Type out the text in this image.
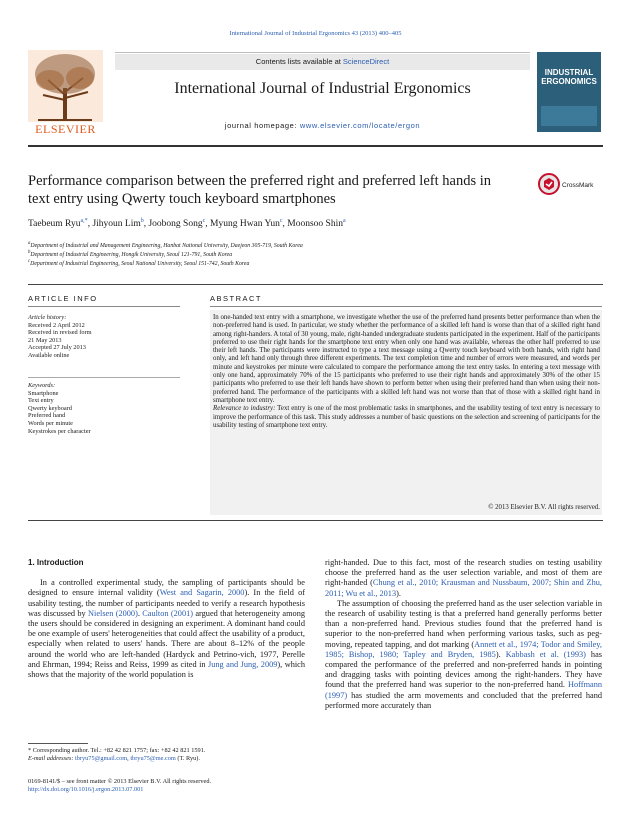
International Journal of Industrial Ergonomics 43 (2013) 400–405
ELSEVIER
Contents lists available at ScienceDirect
International Journal of Industrial Ergonomics
journal homepage: www.elsevier.com/locate/ergon
INDUSTRIAL
ERGONOMICS
Performance comparison between the preferred right and preferred left hands in text entry using Qwerty touch keyboard smartphones
CrossMark
Taebeum Ryu$^{a,*}$, Jihyoun Lim$^b$, Joobong Song$^c$, Myung Hwan Yun$^c$, Moonsoo Shin$^a$
$^a$Department of Industrial and Management Engineering, Hanbat National University, Daejeon 305-719, South Korea
$^b$Department of Industrial Engineering, Hongik University, Seoul 121-791, South Korea
$^c$Department of Industrial Engineering, Seoul National University, Seoul 151-742, South Korea
ARTICLE INFO	ABSTRACT
Article history:
Received 2 April 2012
Received in revised form
21 May 2013
Accepted 27 July 2013
Available online
Keywords:
Smartphone
Text entry
Qwerty keyboard
Preferred hand
Words per minute
Keystrokes per character
In one-handed text entry with a smartphone, we investigate whether the use of the preferred hand presents better performance than when the non-preferred hand is used. In particular, we study whether the performance of a skilled left hand is worse than that of a skilled right hand among right-handers. A total of 30 young, male, right-handed undergraduate students participated in the experiment. Half of the participants preferred to use their right hands for the smartphone text entry when only one hand was available, whereas the other half preferred to use their left hands. The participants were instructed to type a text message using a Qwerty touch keyboard with both hands, with right hand only, and left hand only through three different experiments. The text completion time and number of errors were measured, and words per minute and keystrokes per minute were calculated to compare the performance among the text entry tasks. In entering a text message with only one hand, approximately 70% of the 15 participants who preferred to use their right hands and approximately 30% of the other 15 participants who preferred to use their left hands have shown to perform better when using their preferred hand than when using their non-preferred hand. The performance of the participants with a skilled left hand was not worse than that of those with a skilled right hand in smartphone text entry.
Relevance to industry: Text entry is one of the most problematic tasks in smartphones, and the usability testing of text entry is necessary to improve the performance of this task. This study addresses a number of basic questions on the selection and screening of participants for the usability testing of smartphone text entry.
© 2013 Elsevier B.V. All rights reserved.
1. Introduction
In a controlled experimental study, the sampling of participants should be designed to ensure internal validity (West and Sagarin, 2000). In the field of usability testing, the number of participants needed to verify a research hypothesis was discussed by Nielsen (2000). Caulton (2001) argued that heterogeneity among the users should be considered in designing an experiment. A dominant hand could be one example of users' heterogeneities that could affect the usability of a product, especially when related to users' hands. There are about 8–12% of the people around the world who are left-handed (Hardyck and Petrino-vich, 1977, Perelle and Ehrman, 1994; Reiss and Reiss, 1999 as cited in Jung and Jung, 2009), which shows that the majority of the world population is
right-handed. Due to this fact, most of the research studies on testing usability choose the preferred hand as the user selection variable, and most of them are right-handed (Chung et al., 2010; Krausman and Nussbaum, 2007; Shin and Zhu, 2011; Wu et al., 2013).
The assumption of choosing the preferred hand as the user selection variable in the research of usability testing is that a preferred hand generally performs better than a non-preferred hand. Previous studies found that the preferred hand is superior to the non-preferred hand when performing various tasks, such as peg-moving, repeated tapping, and dot marking (Annett et al., 1974; Todor and Smiley, 1985; Bishop, 1980; Tapley and Bryden, 1985). Kabbash et al. (1993) has compared the performance of the preferred and non-preferred hands in pointing and dragging tasks with pointing devices among the right-handers. They have found that the preferred hand was superior to the non-preferred hand. Hoffmann (1997) has studied the arm movements and concluded that the preferred hand performed more accurately than
* Corresponding author. Tel.: +82 42 821 1757; fax: +82 42 821 1591.
E-mail addresses: tbryu75@gmail.com, tbryu75@me.com (T. Ryu).
0169-8141/$ – see front matter © 2013 Elsevier B.V. All rights reserved.
http://dx.doi.org/10.1016/j.ergon.2013.07.001
